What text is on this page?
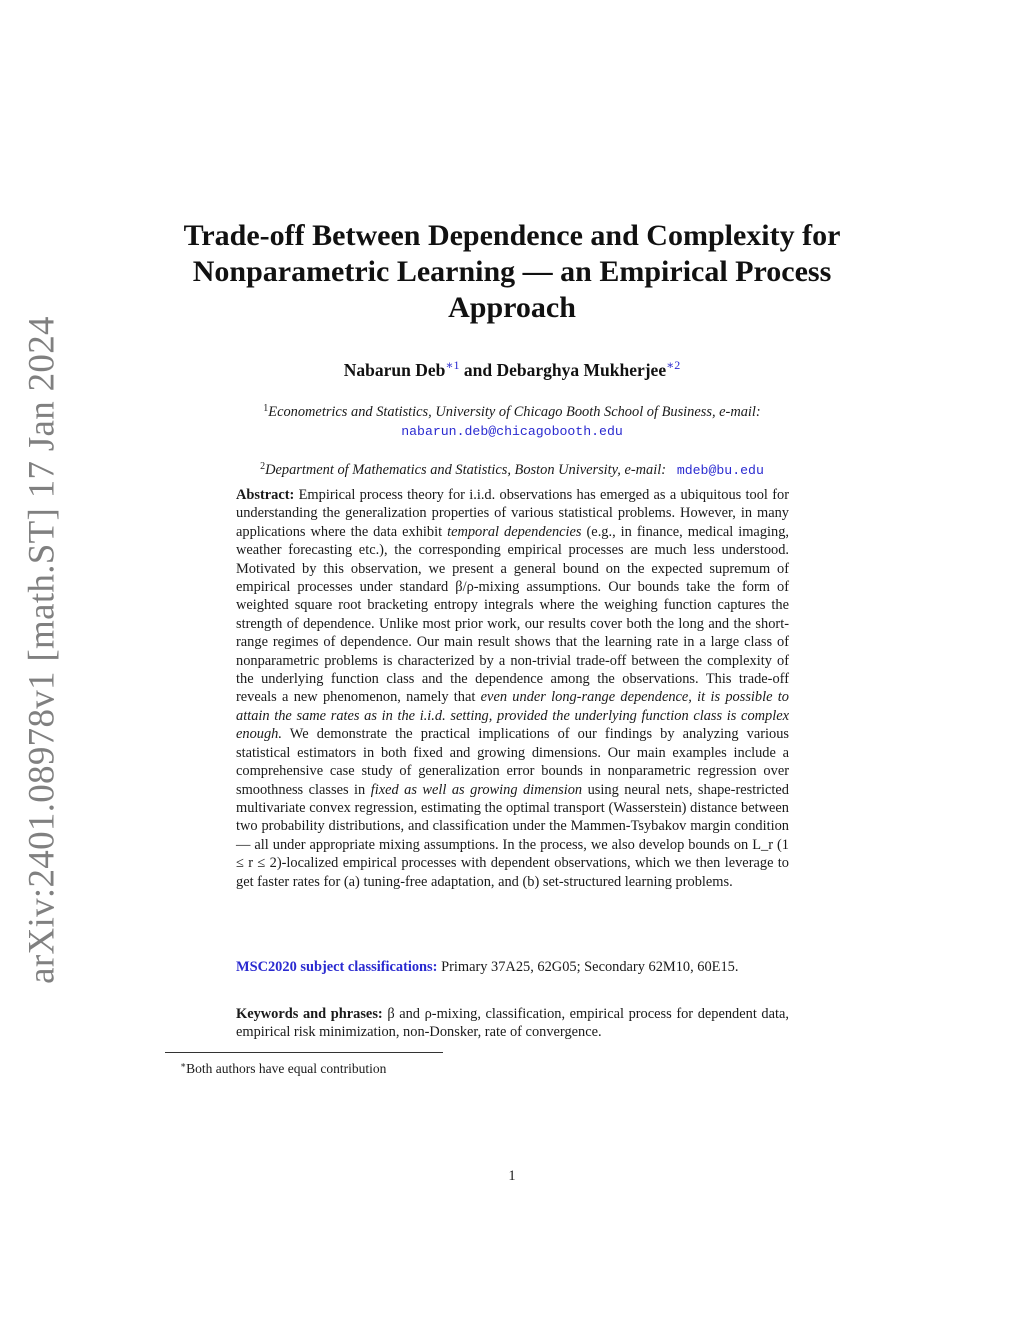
arXiv:2401.08978v1 [math.ST] 17 Jan 2024
Trade-off Between Dependence and Complexity for Nonparametric Learning — an Empirical Process Approach
Nabarun Deb$^{∗1}$ and Debarghya Mukherjee$^{∗2}$
$^1$Econometrics and Statistics, University of Chicago Booth School of Business, e-mail:
nabarun.deb@chicagobooth.edu
$^2$Department of Mathematics and Statistics, Boston University, e-mail: mdeb@bu.edu

Abstract: Empirical process theory for i.i.d. observations has emerged as a ubiquitous tool for understanding the generalization properties of various statistical problems. However, in many applications where the data exhibit temporal dependencies (e.g., in finance, medical imaging, weather forecasting etc.), the corresponding empirical processes are much less understood. Motivated by this observation, we present a general bound on the expected supremum of empirical processes under standard β/ρ-mixing assumptions. Our bounds take the form of weighted square root bracketing entropy integrals where the weighing function captures the strength of dependence. Unlike most prior work, our results cover both the long and the short-range regimes of dependence. Our main result shows that the learning rate in a large class of nonparametric problems is characterized by a non-trivial trade-off between the complexity of the underlying function class and the dependence among the observations. This trade-off reveals a new phenomenon, namely that even under long-range dependence, it is possible to attain the same rates as in the i.i.d. setting, provided the underlying function class is complex enough. We demonstrate the practical implications of our findings by analyzing various statistical estimators in both fixed and growing dimensions. Our main examples include a comprehensive case study of generalization error bounds in nonparametric regression over smoothness classes in fixed as well as growing dimension using neural nets, shape-restricted multivariate convex regression, estimating the optimal transport (Wasserstein) distance between two probability distributions, and classification under the Mammen-Tsybakov margin condition — all under appropriate mixing assumptions. In the process, we also develop bounds on L_r (1 ≤ r ≤ 2)-localized empirical processes with dependent observations, which we then leverage to get faster rates for (a) tuning-free adaptation, and (b) set-structured learning problems.

MSC2020 subject classifications: Primary 37A25, 62G05; Secondary 62M10, 60E15.

Keywords and phrases: β and ρ-mixing, classification, empirical process for dependent data, empirical risk minimization, non-Donsker, rate of convergence.

∗Both authors have equal contribution
1
